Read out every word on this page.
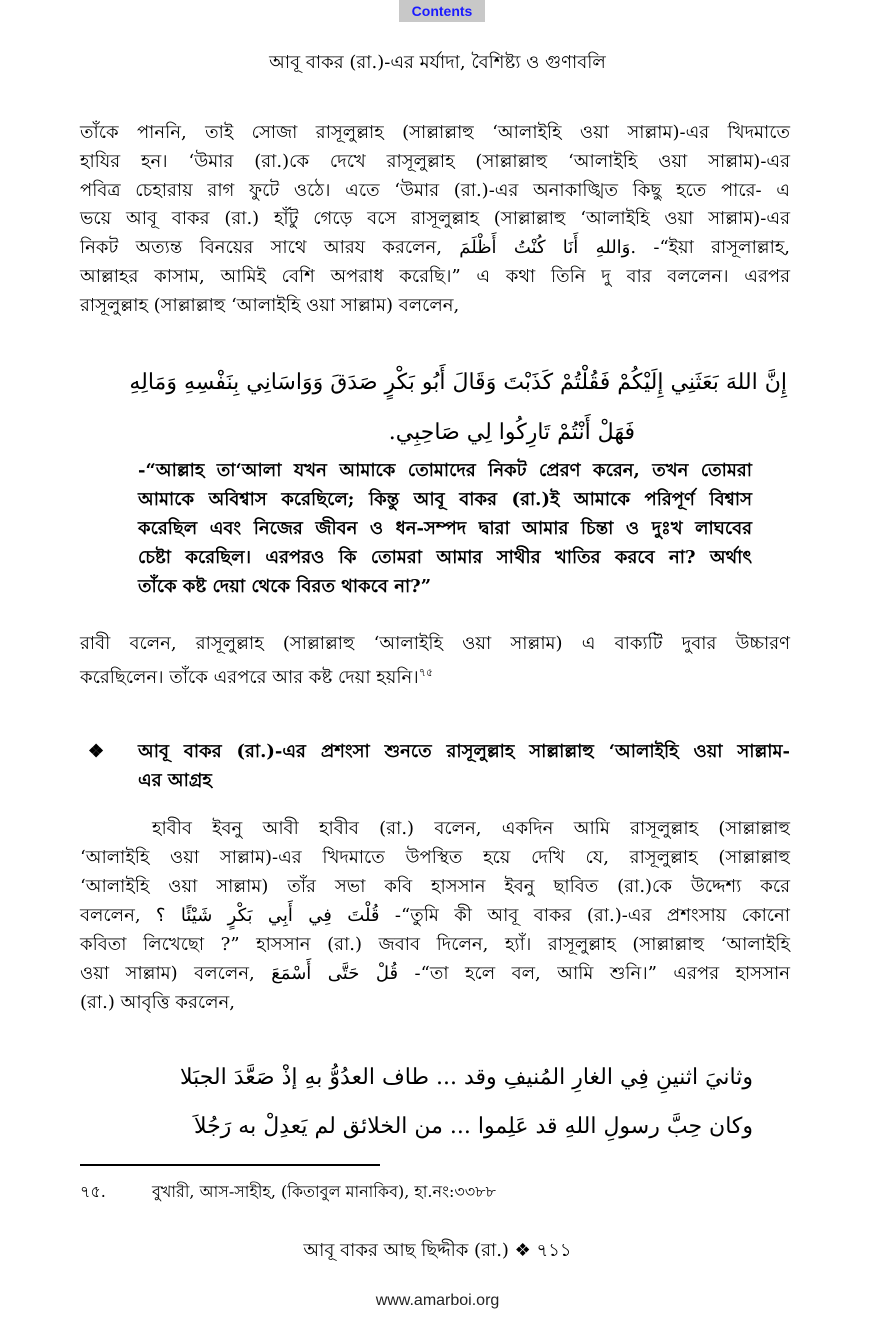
Contents
আবূ বাকর (রা.)-এর মর্যাদা, বৈশিষ্ট্য ও গুণাবলি
তাঁকে পাননি, তাই সোজা রাসূলুল্লাহ (সাল্লাল্লাহু ‘আলাইহি ওয়া সাল্লাম)-এর খিদমাতে
হাযির হন। ‘উমার (রা.)কে দেখে রাসূলুল্লাহ (সাল্লাল্লাহু ‘আলাইহি ওয়া সাল্লাম)-এর
পবিত্র চেহারায় রাগ ফুটে ওঠে। এতে ‘উমার (রা.)-এর অনাকাঙ্খিত কিছু হতে পারে- এ
ভয়ে আবূ বাকর (রা.) হাঁটু গেড়ে বসে রাসূলুল্লাহ (সাল্লাল্লাহু ‘আলাইহি ওয়া সাল্লাম)-এর
নিকট অত্যন্ত বিনয়ের সাথে আরয করলেন, وَاللهِ أَنَا كُنْتُ أَظْلَمَ. -“ইয়া রাসূলাল্লাহ,
আল্লাহর কাসাম, আমিই বেশি অপরাধ করেছি।” এ কথা তিনি দু বার বললেন। এরপর
রাসূলুল্লাহ (সাল্লাল্লাহু ‘আলাইহি ওয়া সাল্লাম) বললেন,
إِنَّ اللهَ بَعَثَنِي إِلَيْكُمْ فَقُلْتُمْ كَذَبْتَ وَقَالَ أَبُو بَكْرٍ صَدَقَ وَوَاسَانِي بِنَفْسِهِ وَمَالِهِ
فَهَلْ أَنْتُمْ تَارِكُوا لِي صَاحِبِي.
-“আল্লাহ তা‘আলা যখন আমাকে তোমাদের নিকট প্রেরণ করেন, তখন তোমরা
আমাকে অবিশ্বাস করেছিলে; কিন্তু আবূ বাকর (রা.)ই আমাকে পরিপূর্ণ বিশ্বাস
করেছিল এবং নিজের জীবন ও ধন-সম্পদ দ্বারা আমার চিন্তা ও দুঃখ লাঘবের
চেষ্টা করেছিল। এরপরও কি তোমরা আমার সাথীর খাতির করবে না? অর্থাৎ
তাঁকে কষ্ট দেয়া থেকে বিরত থাকবে না?”
রাবী বলেন, রাসূলুল্লাহ (সাল্লাল্লাহু ‘আলাইহি ওয়া সাল্লাম) এ বাক্যটি দুবার উচ্চারণ
করেছিলেন। তাঁকে এরপরে আর কষ্ট দেয়া হয়নি।$^{৭৫}$
❖ আবূ বাকর (রা.)-এর প্রশংসা শুনতে রাসূলুল্লাহ সাল্লাল্লাহু ‘আলাইহি ওয়া সাল্লাম-
এর আগ্রহ
হাবীব ইবনু আবী হাবীব (রা.) বলেন, একদিন আমি রাসূলুল্লাহ (সাল্লাল্লাহু
‘আলাইহি ওয়া সাল্লাম)-এর খিদমাতে উপস্থিত হয়ে দেখি যে, রাসূলুল্লাহ (সাল্লাল্লাহু
‘আলাইহি ওয়া সাল্লাম) তাঁর সভা কবি হাসসান ইবনু ছাবিত (রা.)কে উদ্দেশ্য করে
বললেন, قُلْتَ فِي أَبِي بَكْرٍ شَيْئًا ؟ -“তুমি কী আবূ বাকর (রা.)-এর প্রশংসায় কোনো
কবিতা লিখেছো ?” হাসসান (রা.) জবাব দিলেন, হ্যাঁ। রাসূলুল্লাহ (সাল্লাল্লাহু ‘আলাইহি
ওয়া সাল্লাম) বললেন, قُلْ حَتَّى أَسْمَعَ -“তা হলে বল, আমি শুনি।” এরপর হাসসান
(রা.) আবৃত্তি করলেন,
وثانيَ اثنينِ فِي الغارِ المُنيفِ وقد ... طاف العدُوُّ بهِ إذْ صَعَّدَ الجبَلا
وكان حِبَّ رسولِ اللهِ قد عَلِموا ... من الخلائق لم يَعدِلْ به رَجُلاَ
৭৫.	বুখারী, আস-সাহীহ, (কিতাবুল মানাকিব), হা.নং:৩৩৮৮
আবূ বাকর আছ ছিদ্দীক (রা.) ❖ ৭১১
www.amarboi.org
